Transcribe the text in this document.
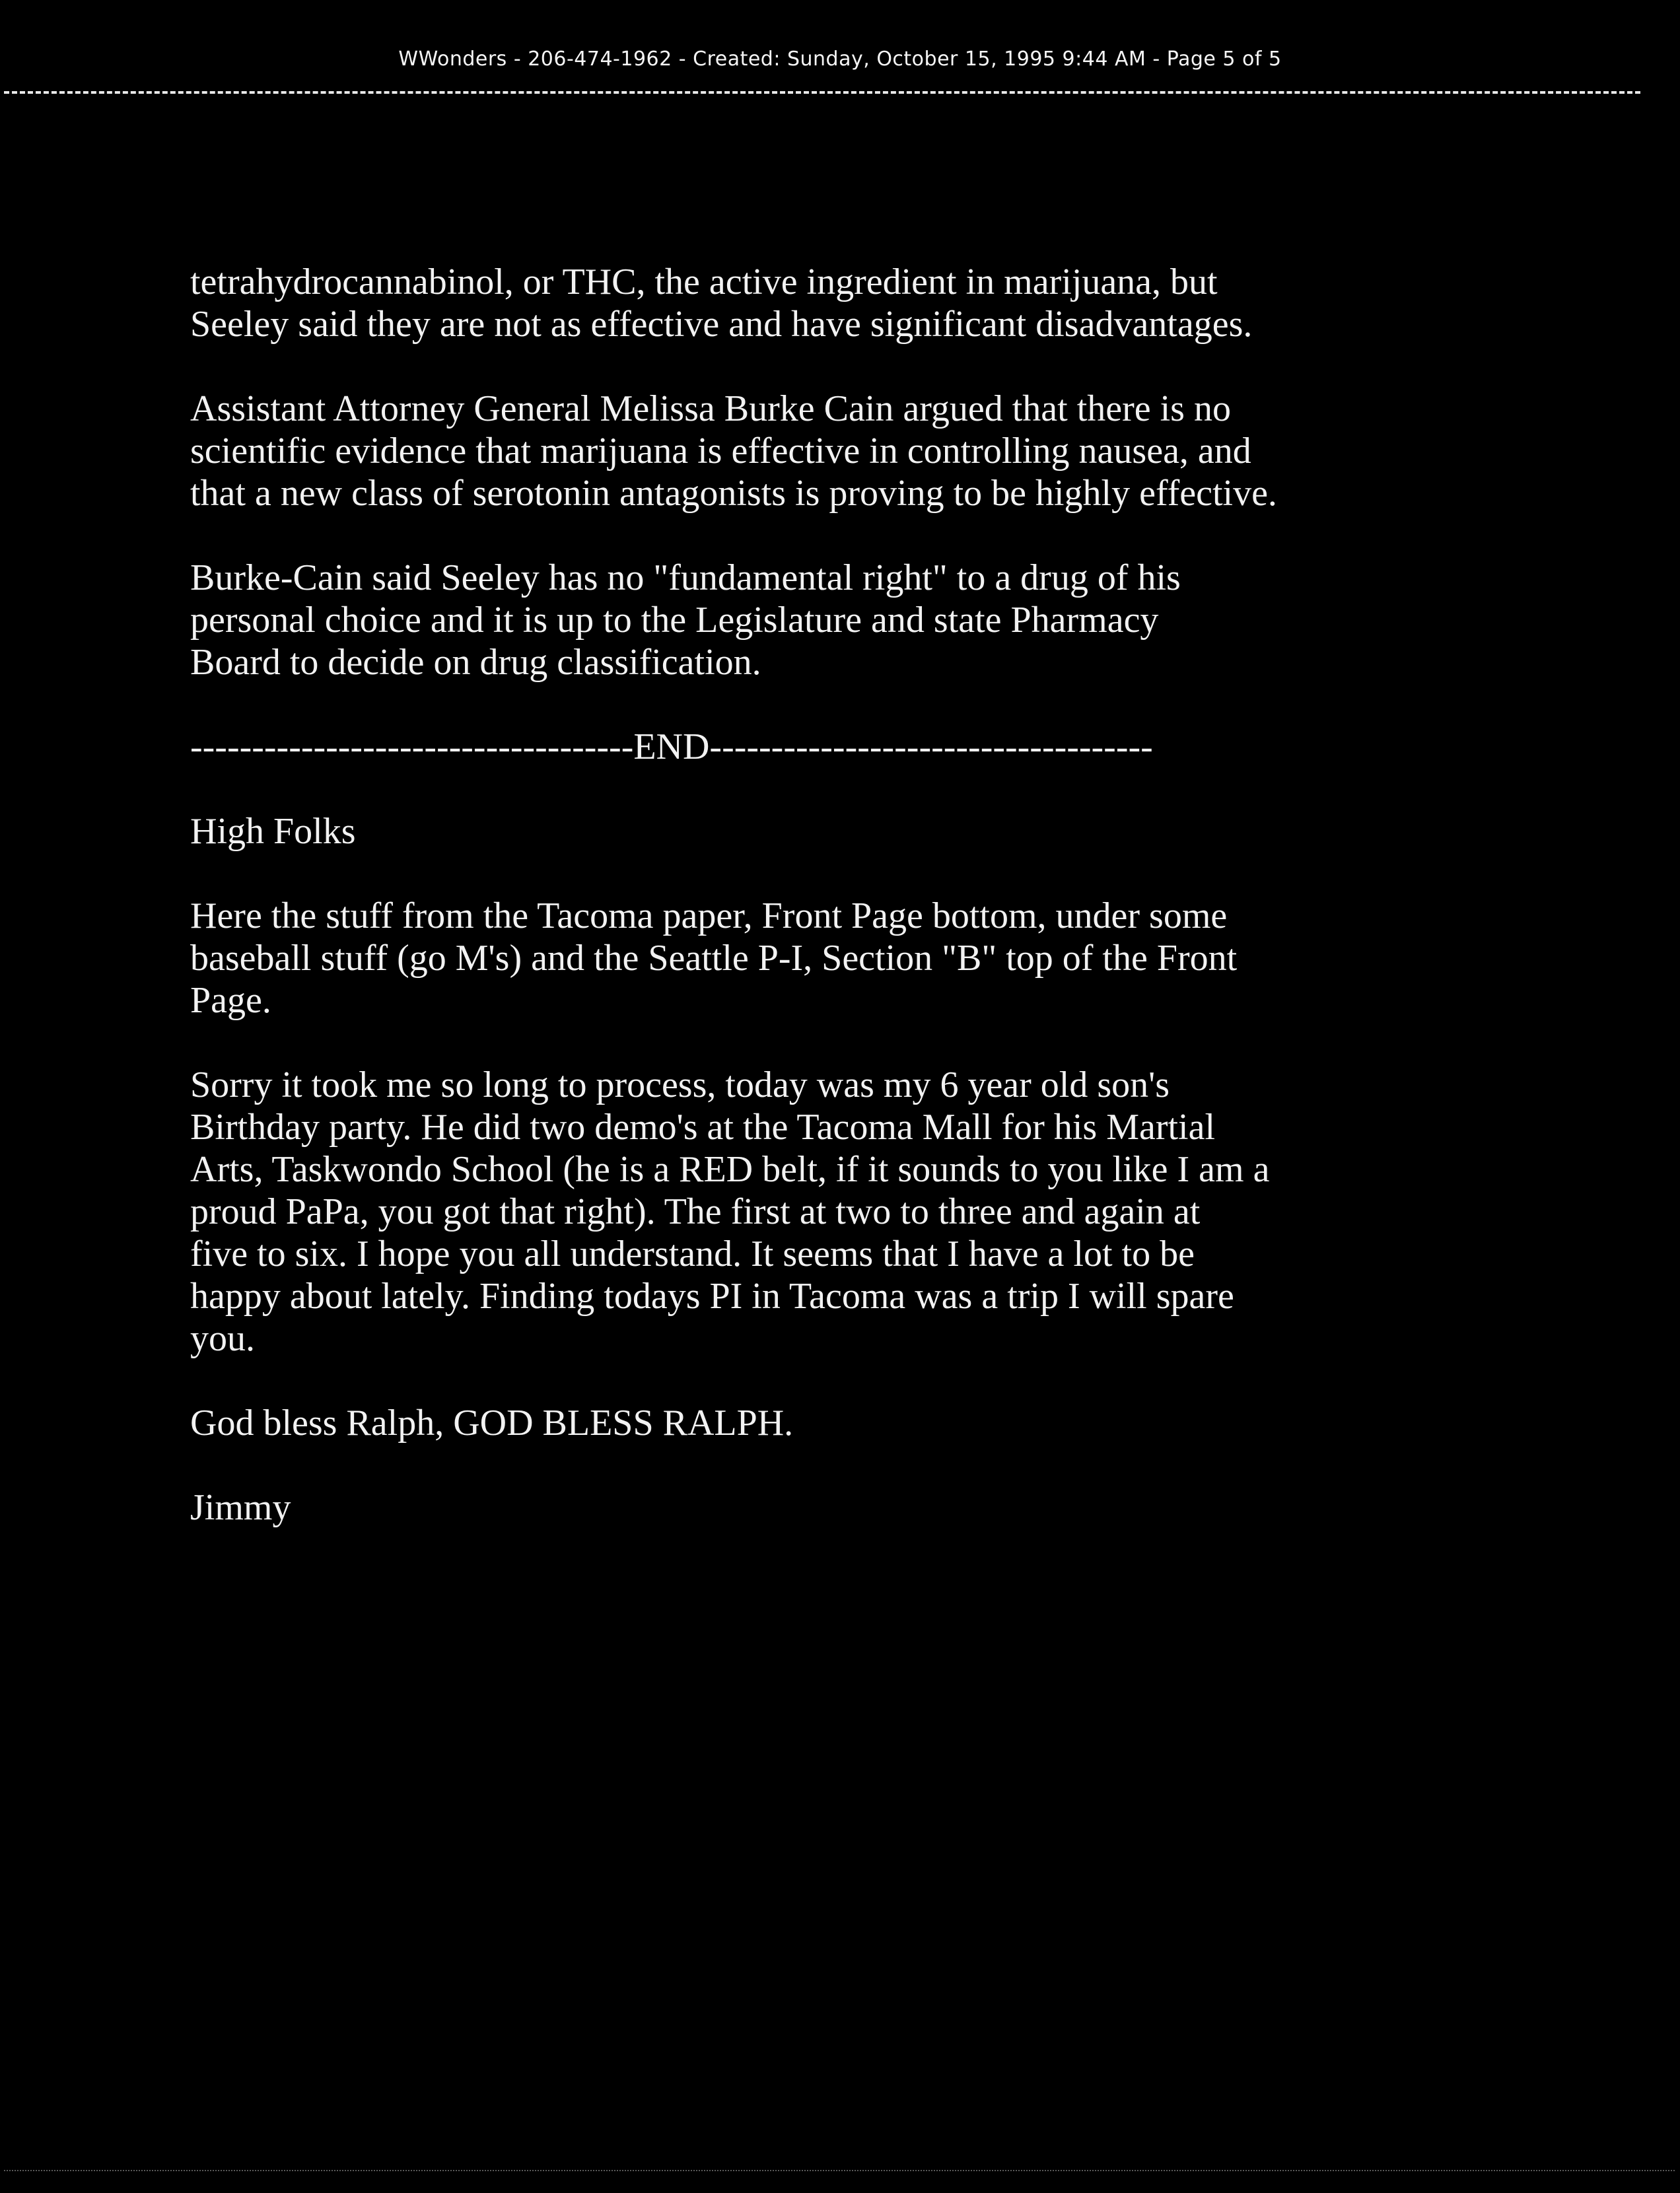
WWonders - 206-474-1962 - Created: Sunday, October 15, 1995 9:44 AM - Page 5 of 5

tetrahydrocannabinol, or THC, the active ingredient in marijuana, but
Seeley said they are not as effective and have significant disadvantages.

Assistant Attorney General Melissa Burke Cain argued that there is no
scientific evidence that marijuana is effective in controlling nausea, and
that a new class of serotonin antagonists is proving to be highly effective.

Burke-Cain said Seeley has no "fundamental right" to a drug of his
personal choice and it is up to the Legislature and state Pharmacy
Board to decide on drug classification.

------------------------------------END------------------------------------

High Folks

Here the stuff from the Tacoma paper, Front Page bottom, under some
baseball stuff (go M's) and the Seattle P-I, Section "B" top of the Front
Page.

Sorry it took me so long to process, today was my 6 year old son's
Birthday party. He did two demo's at the Tacoma Mall for his Martial
Arts, Taskwondo School (he is a RED belt, if it sounds to you like I am a
proud PaPa, you got that right). The first at two to three and again at
five to six. I hope you all understand. It seems that I have a lot to be
happy about lately. Finding todays PI in Tacoma was a trip I will spare
you.

God bless Ralph, GOD BLESS RALPH.

Jimmy
